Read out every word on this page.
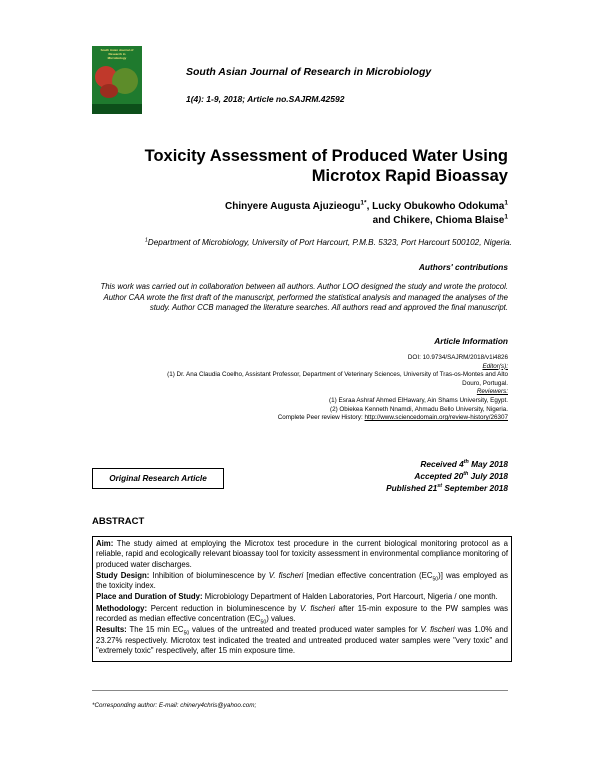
South Asian Journal of
Research in
Microbiology
South Asian Journal of Research in Microbiology
1(4): 1-9, 2018; Article no.SAJRM.42592
Toxicity Assessment of Produced Water Using
Microtox Rapid Bioassay
Chinyere Augusta Ajuzieogu$^{1*}$, Lucky Obukowho Odokuma$^1$
and Chikere, Chioma Blaise$^1$
$^1$Department of Microbiology, University of Port Harcourt, P.M.B. 5323, Port Harcourt 500102, Nigeria.
Authors' contributions
This work was carried out in collaboration between all authors. Author LOO designed the study and wrote the protocol. Author CAA wrote the first draft of the manuscript, performed the statistical analysis and managed the analyses of the study. Author CCB managed the literature searches. All authors read and approved the final manuscript.
Article Information
DOI: 10.9734/SAJRM/2018/v1i4826
Editor(s):
(1) Dr. Ana Claudia Coelho, Assistant Professor, Department of Veterinary Sciences, University of Tras-os-Montes and Alto
Douro, Portugal.
Reviewers:
(1) Esraa Ashraf Ahmed ElHawary, Ain Shams University, Egypt.
(2) Obiekea Kenneth Nnamdi, Ahmadu Bello University, Nigeria.
Complete Peer review History: http://www.sciencedomain.org/review-history/26307
Received 4th May 2018
Accepted 20th July 2018
Published 21st September 2018
Original Research Article
ABSTRACT

Aim: The study aimed at employing the Microtox test procedure in the current biological monitoring protocol as a reliable, rapid and ecologically relevant bioassay tool for toxicity assessment in environmental compliance monitoring of produced water discharges.

Study Design: Inhibition of bioluminescence by V. fischeri [median effective concentration $(EC_{50})$] was employed as the toxicity index.

Place and Duration of Study: Microbiology Department of Halden Laboratories, Port Harcourt, Nigeria / one month.

Methodology: Percent reduction in bioluminescence by V. fischeri after 15-min exposure to the PW samples was recorded as median effective concentration $(EC_{50})$ values.

Results: The 15 $\min EC_{50}$ values of the untreated and treated produced water samples for V. fischeri was 1.0% and 23.27% respectively. Microtox test indicated the treated and untreated produced water samples were "very toxic" and "extremely toxic" respectively, after 15 min exposure time.

*Corresponding author: E-mail: chinery4chris@yahoo.com;
